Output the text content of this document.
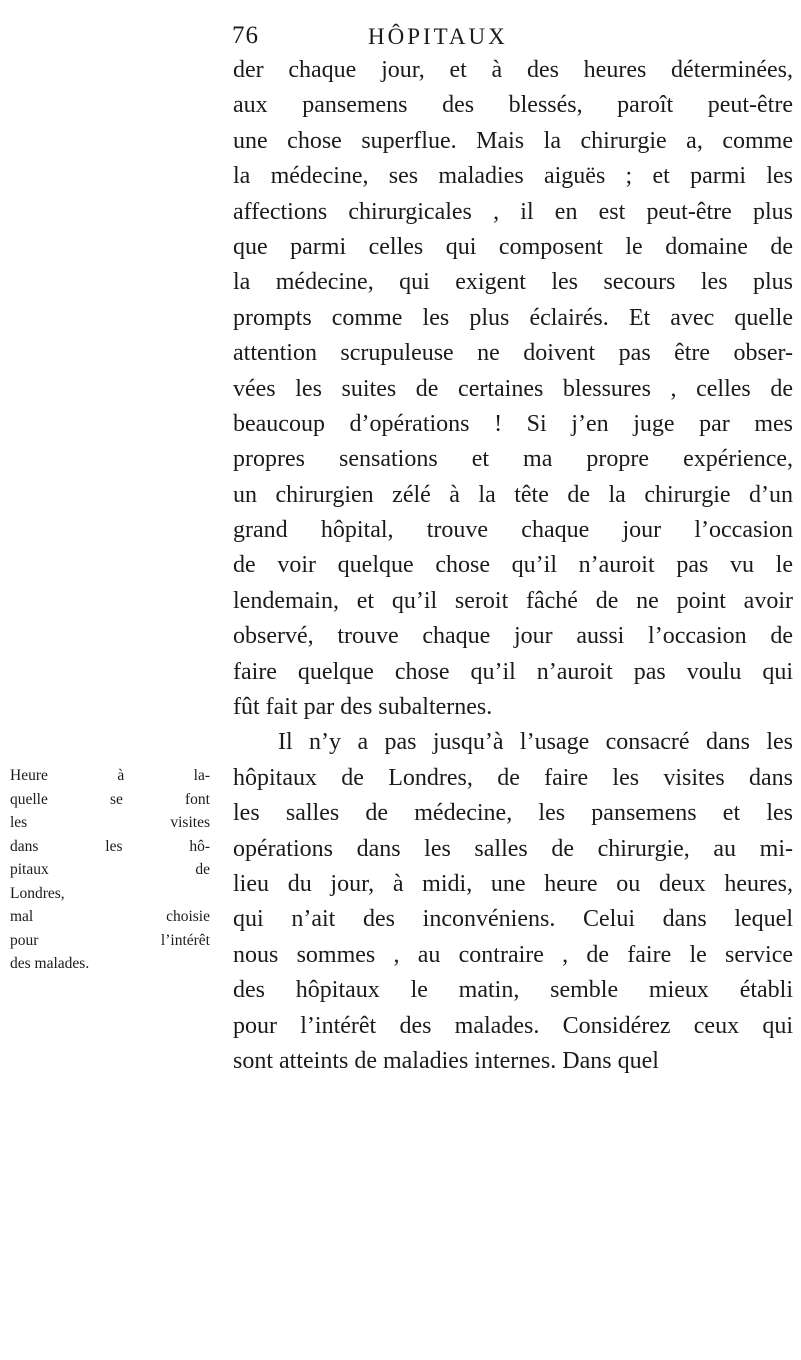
76	HÔPITAUX
der chaque jour, et à des heures déterminées,
aux pansemens des blessés, paroît peut-être
une chose superflue. Mais la chirurgie a, comme
la médecine, ses maladies aiguës ; et parmi les
affections chirurgicales , il en est peut-être plus
que parmi celles qui composent le domaine de
la médecine, qui exigent les secours les plus
prompts comme les plus éclairés. Et avec quelle
attention scrupuleuse ne doivent pas être obser-
vées les suites de certaines blessures , celles de
beaucoup d’opérations ! Si j’en juge par mes
propres sensations et ma propre expérience,
un chirurgien zélé à la tête de la chirurgie d’un
grand hôpital, trouve chaque jour l’occasion
de voir quelque chose qu’il n’auroit pas vu le
lendemain, et qu’il seroit fâché de ne point avoir
observé, trouve chaque jour aussi l’occasion de
faire quelque chose qu’il n’auroit pas voulu qui
fût fait par des subalternes.
Il n’y a pas jusqu’à l’usage consacré dans les
hôpitaux de Londres, de faire les visites dans
les salles de médecine, les pansemens et les
opérations dans les salles de chirurgie, au mi-
lieu du jour, à midi, une heure ou deux heures,
qui n’ait des inconvéniens. Celui dans lequel
nous sommes , au contraire , de faire le service
des hôpitaux le matin, semble mieux établi
pour l’intérêt des malades. Considérez ceux qui
sont atteints de maladies internes. Dans quel
Heure à la-
quelle se font
les visites
dans les hô-
pitaux de
Londres,
mal choisie
pour l’intérêt
des malades.
